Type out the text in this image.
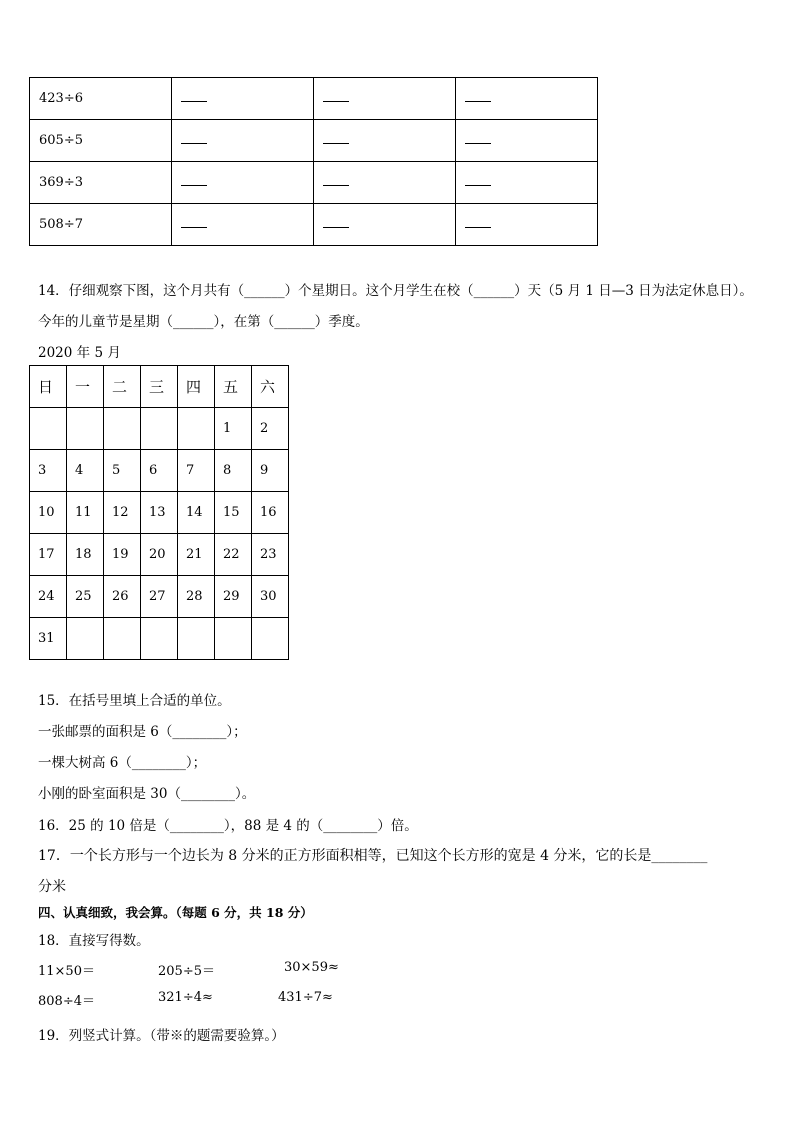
423÷6			
605÷5			
369÷3			
508÷7			
14．仔细观察下图，这个月共有（______）个星期日。这个月学生在校（______）天（5 月 1 日—3 日为法定休息日）。
今年的儿童节是星期（______），在第（______）季度。
2020 年 5 月
日	一	二	三	四	五	六
					1	2
3	4	5	6	7	8	9
10	11	12	13	14	15	16
17	18	19	20	21	22	23
24	25	26	27	28	29	30
31						
15．在括号里填上合适的单位。
一张邮票的面积是 6（________）；
一棵大树高 6（________）；
小刚的卧室面积是 30（________）。
16．25 的 10 倍是（________），88 是 4 的（________）倍。
17．一个长方形与一个边长为 8 分米的正方形面积相等，已知这个长方形的宽是 4 分米，它的长是________
分米
四、认真细致，我会算。（每题 6 分，共 18 分）
18．直接写得数。
11×50＝	205÷5＝	30×59≈
808÷4＝	321÷4≈	431÷7≈
19．列竖式计算。（带※的题需要验算。）
